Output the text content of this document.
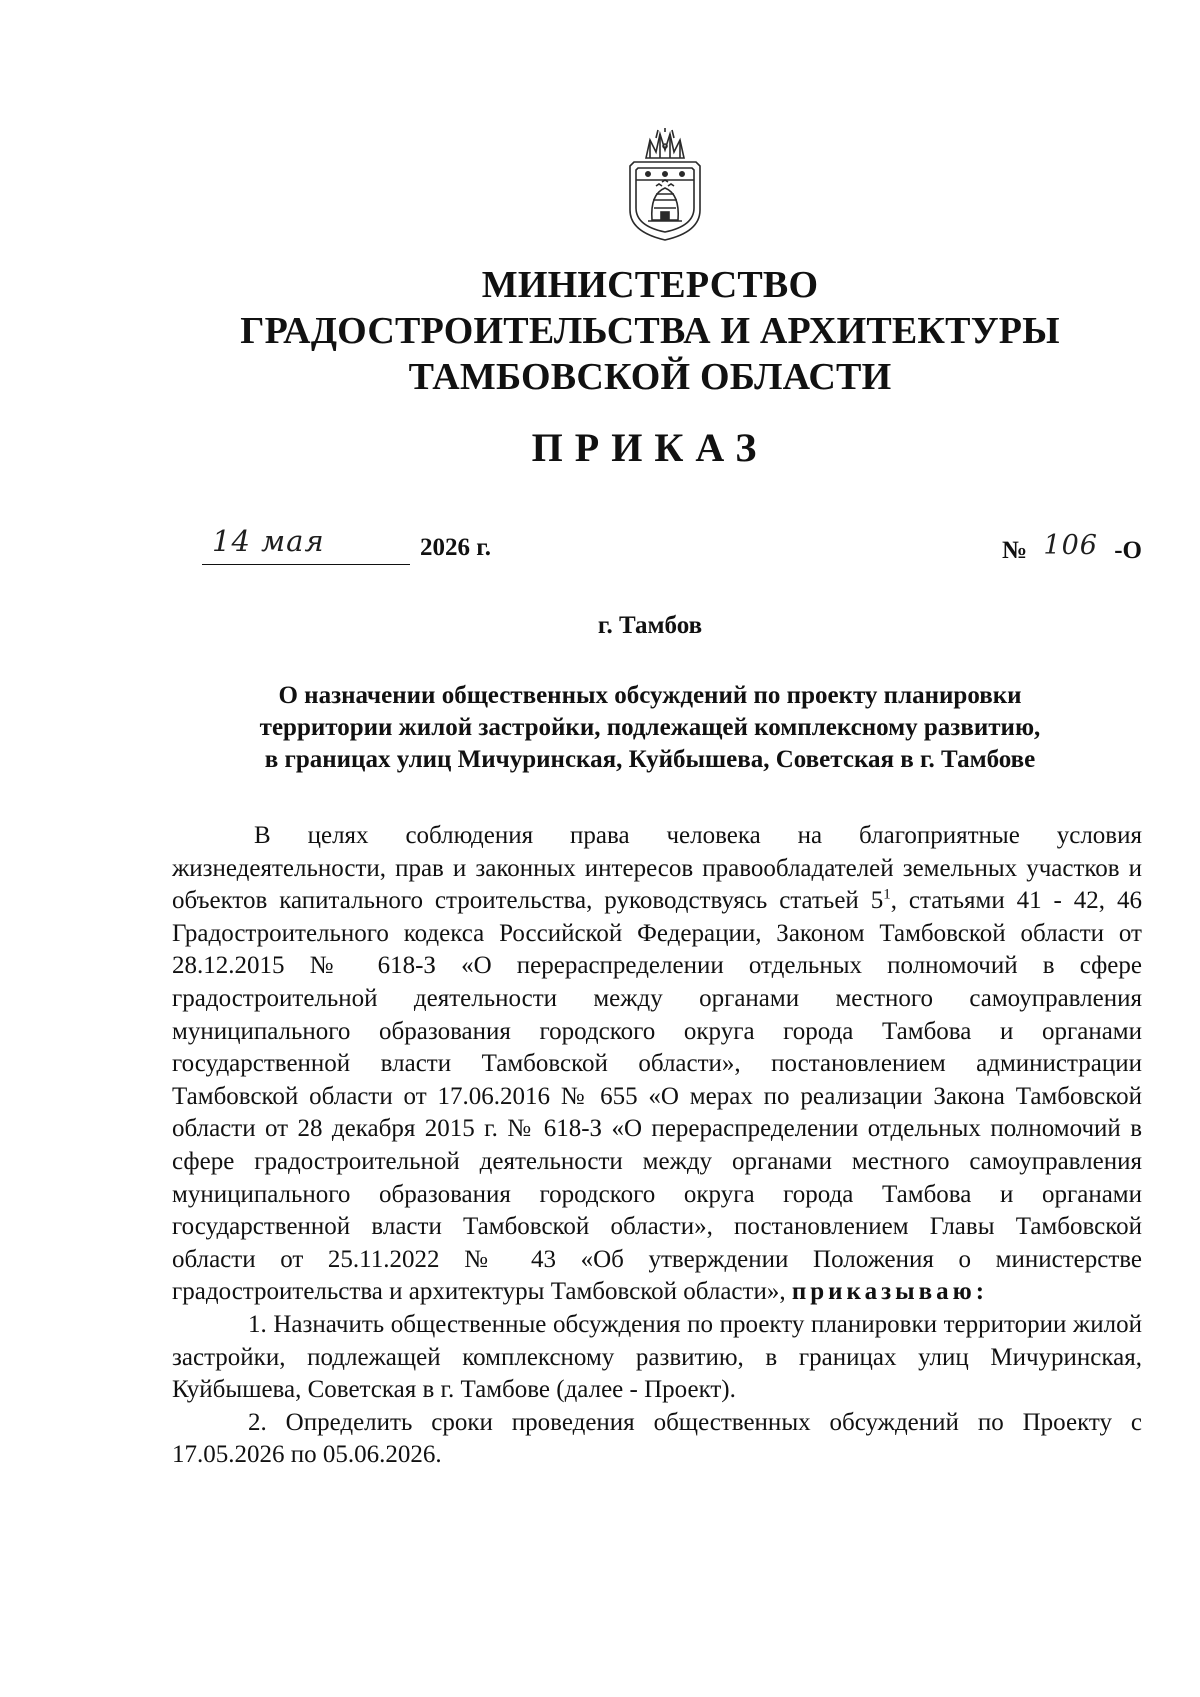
МИНИСТЕРСТВО
ГРАДОСТРОИТЕЛЬСТВА И АРХИТЕКТУРЫ
ТАМБОВСКОЙ ОБЛАСТИ
ПРИКАЗ
14 мая	2026 г.	№ 106 -О
г. Тамбов
О назначении общественных обсуждений по проекту планировки
территории жилой застройки, подлежащей комплексному развитию,
в границах улиц Мичуринская, Куйбышева, Советская в г. Тамбове

В целях соблюдения права человека на благоприятные условия жизнедеятельности, прав и законных интересов правообладателей земельных участков и объектов капитального строительства, руководствуясь статьей $5^1$, статьями 41 - 42, 46 Градостроительного кодекса Российской Федерации, Законом Тамбовской области от 28.12.2015 № 618-З «О перераспределении отдельных полномочий в сфере градостроительной деятельности между органами местного самоуправления муниципального образования городского округа города Тамбова и органами государственной власти Тамбовской области», постановлением администрации Тамбовской области от 17.06.2016 № 655 «О мерах по реализации Закона Тамбовской области от 28 декабря 2015 г. № 618-З «О перераспределении отдельных полномочий в сфере градостроительной деятельности между органами местного самоуправления муниципального образования городского округа города Тамбова и органами государственной власти Тамбовской области», постановлением Главы Тамбовской области от 25.11.2022 № 43 «Об утверждении Положения о министерстве градостроительства и архитектуры Тамбовской области», приказываю:

1. Назначить общественные обсуждения по проекту планировки территории жилой застройки, подлежащей комплексному развитию, в границах улиц Мичуринская, Куйбышева, Советская в г. Тамбове (далее - Проект).

2. Определить сроки проведения общественных обсуждений по Проекту с 17.05.2026 по 05.06.2026.
